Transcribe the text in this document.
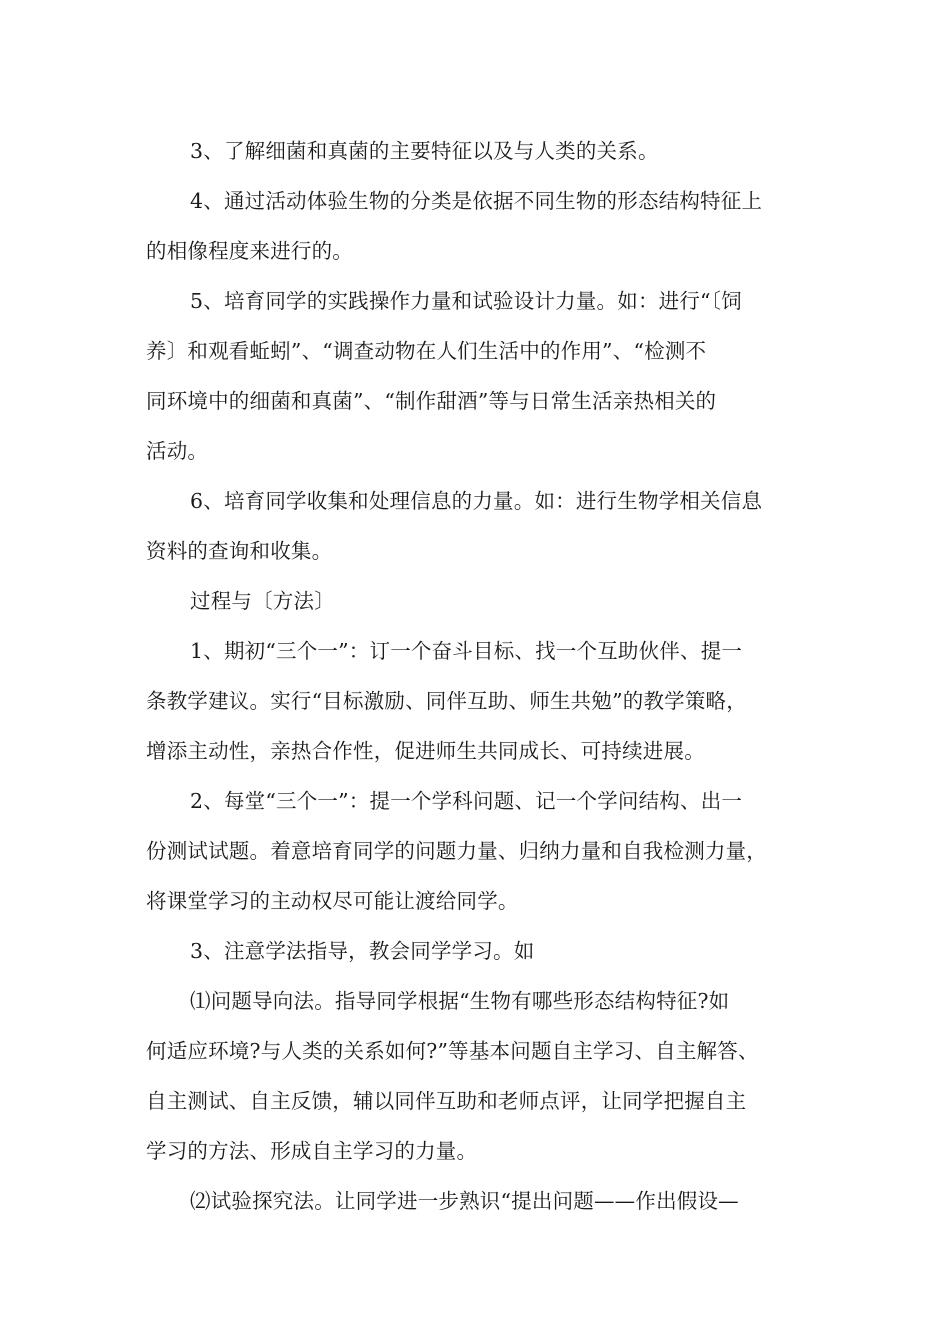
3、了解细菌和真菌的主要特征以及与人类的关系。
4、通过活动体验生物的分类是依据不同生物的形态结构特征上
的相像程度来进行的。
5、培育同学的实践操作力量和试验设计力量。如：进行“〔饲
养〕和观看蚯蚓”、“调查动物在人们生活中的作用”、“检测不
同环境中的细菌和真菌”、“制作甜酒”等与日常生活亲热相关的
活动。
6、培育同学收集和处理信息的力量。如：进行生物学相关信息
资料的查询和收集。
过程与〔方法〕
1、期初“三个一”：订一个奋斗目标、找一个互助伙伴、提一
条教学建议。实行“目标激励、同伴互助、师生共勉”的教学策略，
增添主动性，亲热合作性，促进师生共同成长、可持续进展。
2、每堂“三个一”：提一个学科问题、记一个学问结构、出一
份测试试题。着意培育同学的问题力量、归纳力量和自我检测力量，
将课堂学习的主动权尽可能让渡给同学。
3、注意学法指导，教会同学学习。如
⑴问题导向法。指导同学根据“生物有哪些形态结构特征?如
何适应环境?与人类的关系如何?”等基本问题自主学习、自主解答、
自主测试、自主反馈，辅以同伴互助和老师点评，让同学把握自主
学习的方法、形成自主学习的力量。
⑵试验探究法。让同学进一步熟识“提出问题——作出假设—
